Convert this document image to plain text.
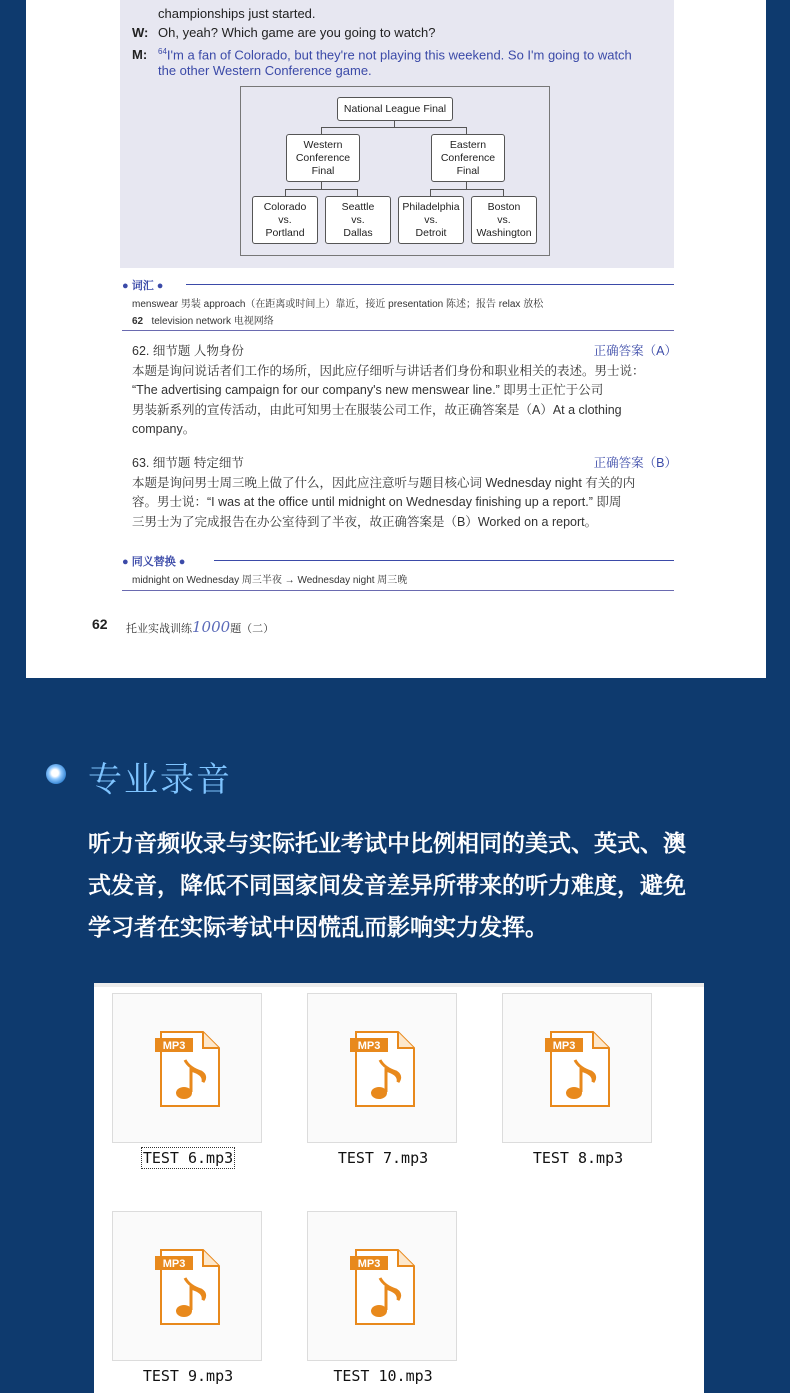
championships just started.
W: Oh, yeah? Which game are you going to watch?
M: $^{64}$I'm a fan of Colorado, but they're not playing this weekend. So I'm going to watch
the other Western Conference game.
National League Final
Western
Conference
Final
Eastern
Conference
Final
Colorado
vs.
Portland
Seattle
vs.
Dallas
Philadelphia
vs.
Detroit
Boston
vs.
Washington
● 词汇 ●
menswear 男装 approach（在距离或时间上）靠近，接近 presentation 陈述；报告 relax 放松
62 television network 电视网络
62. 细节题 人物身份	正确答案（A）
本题是询问说话者们工作的场所，因此应仔细听与讲话者们身份和职业相关的表述。男士说：
“The advertising campaign for our company's new menswear line.” 即男士正忙于公司
男装新系列的宣传活动，由此可知男士在服装公司工作，故正确答案是（A）At a clothing
company。
63. 细节题 特定细节	正确答案（B）
本题是询问男士周三晚上做了什么，因此应注意听与题目核心词 Wednesday night 有关的内
容。男士说：“I was at the office until midnight on Wednesday finishing up a report.” 即周
三男士为了完成报告在办公室待到了半夜，故正确答案是（B）Worked on a report。
● 同义替换 ●
midnight on Wednesday 周三半夜 → Wednesday night 周三晚
62 托业实战训练1000题（二）
专业录音
听力音频收录与实际托业考试中比例相同的美式、英式、澳
式发音，降低不同国家间发音差异所带来的听力难度，避免
学习者在实际考试中因慌乱而影响实力发挥。
MP3
TEST 6.mp3
MP3
TEST 7.mp3
MP3
TEST 8.mp3
MP3
TEST 9.mp3
MP3
TEST 10.mp3
